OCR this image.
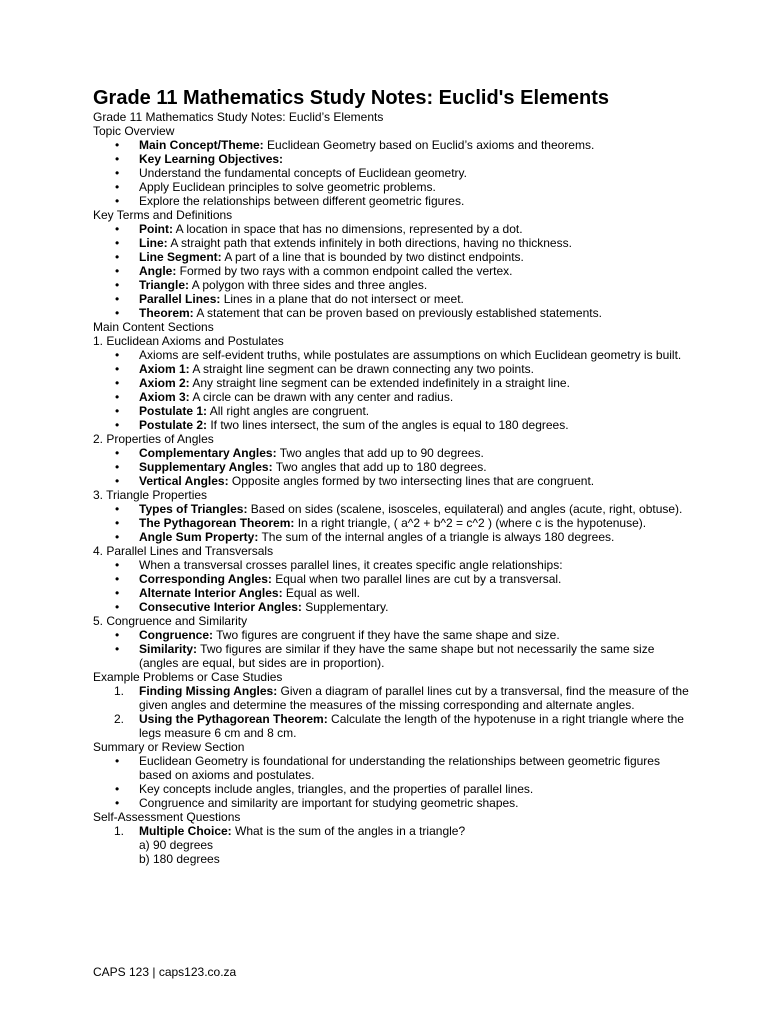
Grade 11 Mathematics Study Notes: Euclid's Elements

Grade 11 Mathematics Study Notes: Euclid’s Elements

Topic Overview

• Main Concept/Theme: Euclidean Geometry based on Euclid’s axioms and theorems.
• Key Learning Objectives:
• Understand the fundamental concepts of Euclidean geometry.
• Apply Euclidean principles to solve geometric problems.
• Explore the relationships between different geometric figures.

Key Terms and Definitions

• Point: A location in space that has no dimensions, represented by a dot.
• Line: A straight path that extends infinitely in both directions, having no thickness.
• Line Segment: A part of a line that is bounded by two distinct endpoints.
• Angle: Formed by two rays with a common endpoint called the vertex.
• Triangle: A polygon with three sides and three angles.
• Parallel Lines: Lines in a plane that do not intersect or meet.
• Theorem: A statement that can be proven based on previously established statements.

Main Content Sections

1. Euclidean Axioms and Postulates

• Axioms are self-evident truths, while postulates are assumptions on which Euclidean geometry is built.
• Axiom 1: A straight line segment can be drawn connecting any two points.
• Axiom 2: Any straight line segment can be extended indefinitely in a straight line.
• Axiom 3: A circle can be drawn with any center and radius.
• Postulate 1: All right angles are congruent.
• Postulate 2: If two lines intersect, the sum of the angles is equal to 180 degrees.

2. Properties of Angles

• Complementary Angles: Two angles that add up to 90 degrees.
• Supplementary Angles: Two angles that add up to 180 degrees.
• Vertical Angles: Opposite angles formed by two intersecting lines that are congruent.

3. Triangle Properties

• Types of Triangles: Based on sides (scalene, isosceles, equilateral) and angles (acute, right, obtuse).
• The Pythagorean Theorem: In a right triangle, ( a^2 + b^2 = c^2 ) (where c is the hypotenuse).
• Angle Sum Property: The sum of the internal angles of a triangle is always 180 degrees.

4. Parallel Lines and Transversals

• When a transversal crosses parallel lines, it creates specific angle relationships:
• Corresponding Angles: Equal when two parallel lines are cut by a transversal.
• Alternate Interior Angles: Equal as well.
• Consecutive Interior Angles: Supplementary.

5. Congruence and Similarity

• Congruence: Two figures are congruent if they have the same shape and size.
• Similarity: Two figures are similar if they have the same shape but not necessarily the same size (angles are equal, but sides are in proportion).

Example Problems or Case Studies

1. Finding Missing Angles: Given a diagram of parallel lines cut by a transversal, find the measure of the given angles and determine the measures of the missing corresponding and alternate angles.
2. Using the Pythagorean Theorem: Calculate the length of the hypotenuse in a right triangle where the legs measure 6 cm and 8 cm.

Summary or Review Section

• Euclidean Geometry is foundational for understanding the relationships between geometric figures based on axioms and postulates.
• Key concepts include angles, triangles, and the properties of parallel lines.
• Congruence and similarity are important for studying geometric shapes.

Self-Assessment Questions

1. Multiple Choice: What is the sum of the angles in a triangle?

a) 90 degrees

b) 180 degrees

CAPS 123 | caps123.co.za
